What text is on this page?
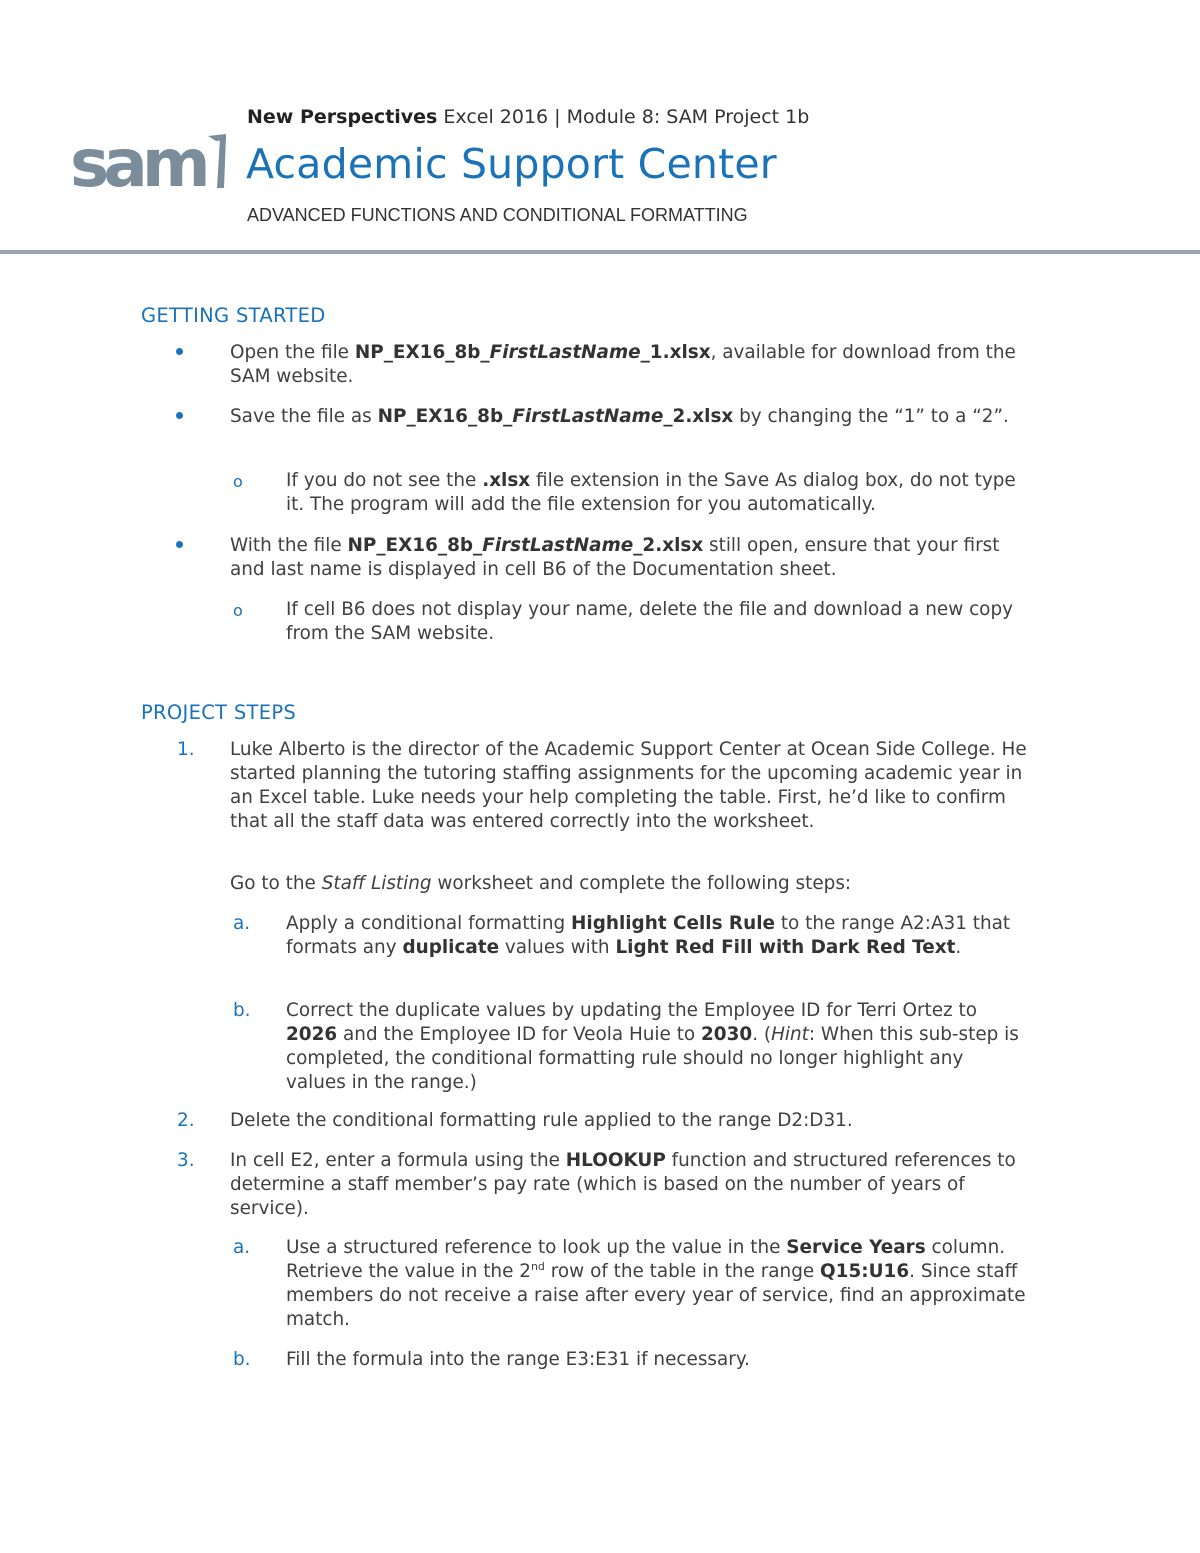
sam
New Perspectives Excel 2016 | Module 8: SAM Project 1b
Academic Support Center
ADVANCED FUNCTIONS AND CONDITIONAL FORMATTING
GETTING STARTED
Open the file NP_EX16_8b_FirstLastName_1.xlsx, available for download from the SAM website.
Save the file as NP_EX16_8b_FirstLastName_2.xlsx by changing the “1” to a “2”.
o If you do not see the .xlsx file extension in the Save As dialog box, do not type it. The program will add the file extension for you automatically.
With the file NP_EX16_8b_FirstLastName_2.xlsx still open, ensure that your first and last name is displayed in cell B6 of the Documentation sheet.
o If cell B6 does not display your name, delete the file and download a new copy from the SAM website.
PROJECT STEPS
1. Luke Alberto is the director of the Academic Support Center at Ocean Side College. He started planning the tutoring staffing assignments for the upcoming academic year in an Excel table. Luke needs your help completing the table. First, he’d like to confirm that all the staff data was entered correctly into the worksheet.
Go to the Staff Listing worksheet and complete the following steps:
a. Apply a conditional formatting Highlight Cells Rule to the range A2:A31 that formats any duplicate values with Light Red Fill with Dark Red Text.
b. Correct the duplicate values by updating the Employee ID for Terri Ortez to 2026 and the Employee ID for Veola Huie to 2030. (Hint: When this sub-step is completed, the conditional formatting rule should no longer highlight any values in the range.)
2. Delete the conditional formatting rule applied to the range D2:D31.
3. In cell E2, enter a formula using the HLOOKUP function and structured references to determine a staff member’s pay rate (which is based on the number of years of service).
a. Use a structured reference to look up the value in the Service Years column. Retrieve the value in the 2nd row of the table in the range Q15:U16. Since staff members do not receive a raise after every year of service, find an approximate match.
b. Fill the formula into the range E3:E31 if necessary.
